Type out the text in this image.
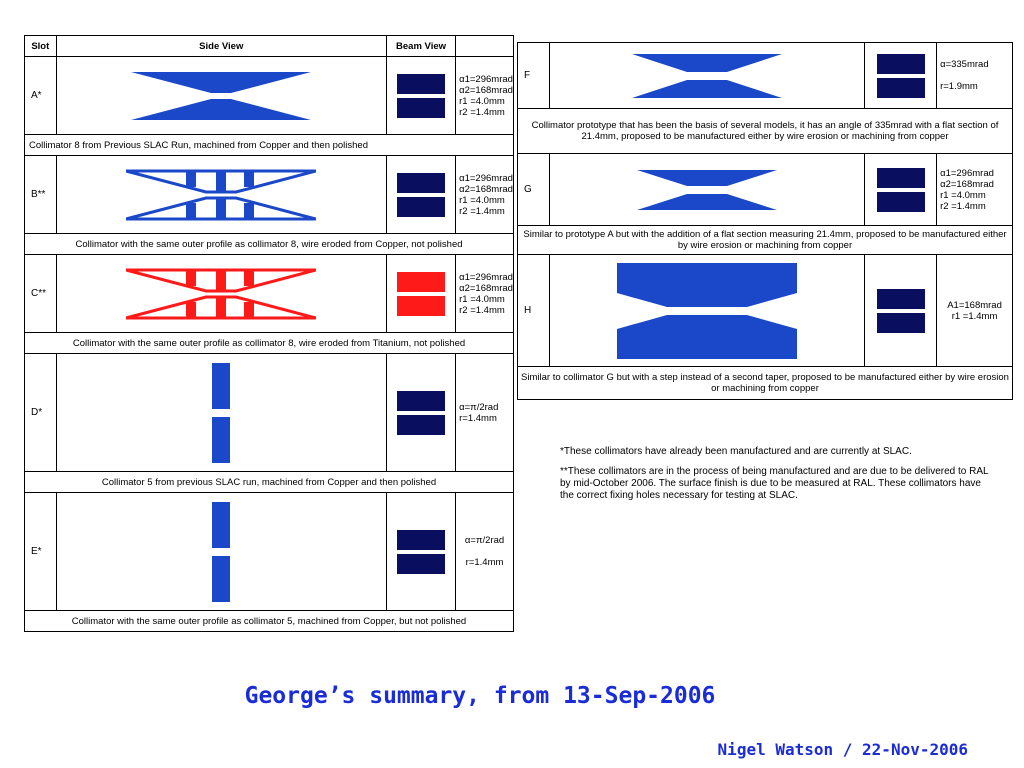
Slot	Side View	Beam View	
A*			α1=296mrad
α2=168mrad
r1 =4.0mm
r2 =1.4mm
Collimator 8 from Previous SLAC Run, machined from Copper and then polished			
B**			α1=296mrad
α2=168mrad
r1 =4.0mm
r2 =1.4mm
Collimator with the same outer profile as collimator 8, wire eroded from Copper, not polished			
C**			α1=296mrad
α2=168mrad
r1 =4.0mm
r2 =1.4mm
Collimator with the same outer profile as collimator 8, wire eroded from Titanium, not polished			
D*			α=π/2rad
r=1.4mm
Collimator 5 from previous SLAC run, machined from Copper and then polished			
E*			α=π/2rad

r=1.4mm
Collimator with the same outer profile as collimator 5, machined from Copper, but not polished			
F			α=335mrad

r=1.9mm
Collimator prototype that has been the basis of several models, it has an angle of 335mrad with a flat section of 21.4mm, proposed to be manufactured either by wire erosion or machining from copper			
G			α1=296mrad
α2=168mrad
r1 =4.0mm
r2 =1.4mm
Similar to prototype A but with the addition of a flat section measuring 21.4mm, proposed to be manufactured either by wire erosion or machining from copper			
H			A1=168mrad
r1 =1.4mm
Similar to collimator G but with a step instead of a second taper, proposed to be manufactured either by wire erosion or machining from copper			

*These collimators have already been manufactured and are currently at SLAC.

**These collimators are in the process of being manufactured and are due to be delivered to RAL by mid-October 2006. The surface finish is due to be measured at RAL. These collimators have the correct fixing holes necessary for testing at SLAC.

George’s summary, from 13-Sep-2006
Nigel Watson / 22-Nov-2006
